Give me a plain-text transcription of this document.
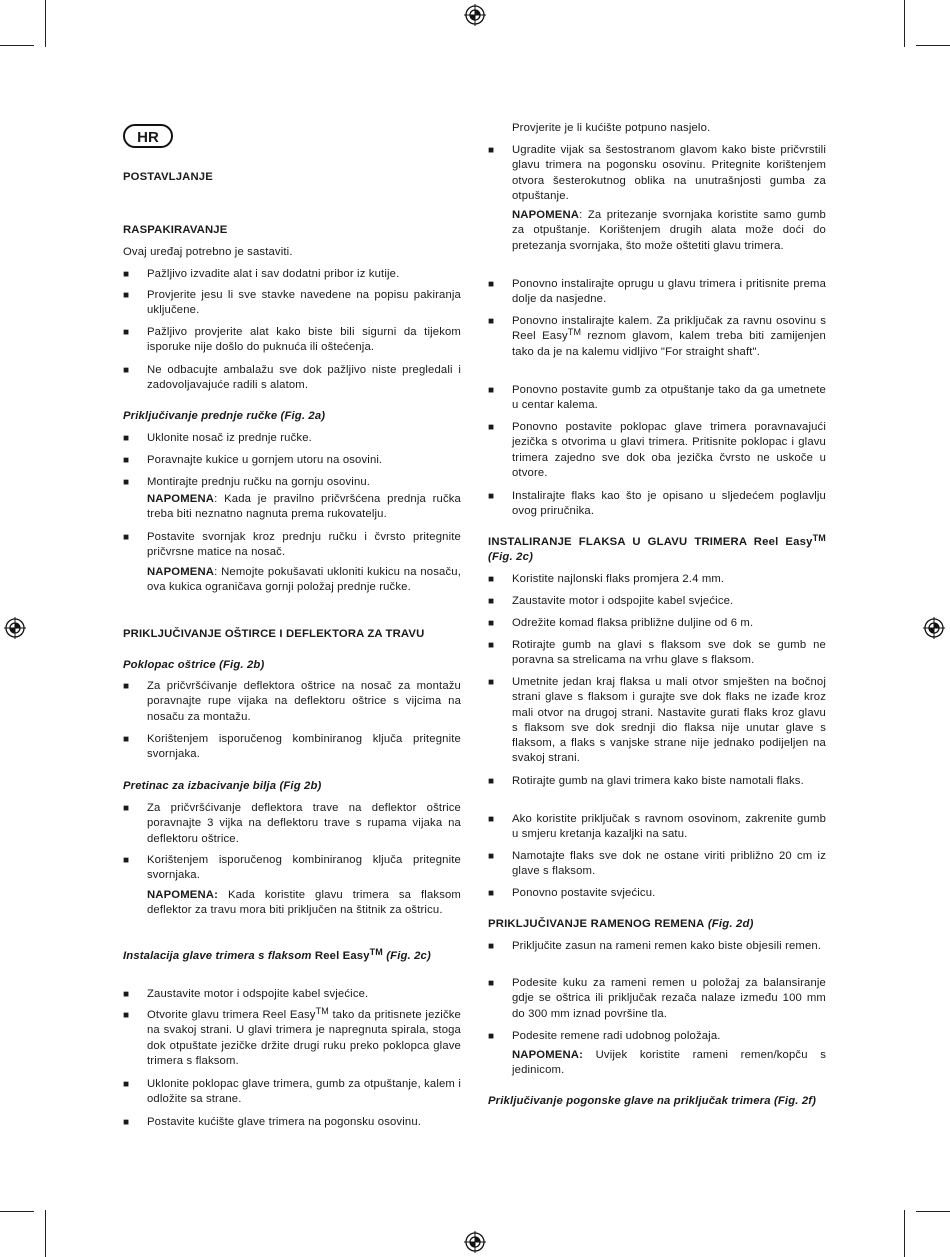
HR
POSTAVLJANJE
RASPAKIRAVANJE
Ovaj uređaj potrebno je sastaviti.
■ Pažljivo izvadite alat i sav dodatni pribor iz kutije.
■ Provjerite jesu li sve stavke navedene na popisu pakiranja uključene.
■ Pažljivo provjerite alat kako biste bili sigurni da tijekom isporuke nije došlo do puknuća ili oštećenja.
■ Ne odbacujte ambalažu sve dok pažljivo niste pregledali i zadovoljavajuće radili s alatom.
Priključivanje prednje ručke (Fig. 2a)
■ Uklonite nosač iz prednje ručke.
■ Poravnajte kukice u gornjem utoru na osovini.
■ Montirajte prednju ručku na gornju osovinu.
NAPOMENA: Kada je pravilno pričvršćena prednja ručka treba biti neznatno nagnuta prema rukovatelju.
■ Postavite svornjak kroz prednju ručku i čvrsto pritegnite pričvrsne matice na nosač.
NAPOMENA: Nemojte pokušavati ukloniti kukicu na nosaču, ova kukica ograničava gornji položaj prednje ručke.
PRIKLJUČIVANJE OŠTIRCE I DEFLEKTORA ZA TRAVU
Poklopac oštrice (Fig. 2b)
■ Za pričvršćivanje deflektora oštrice na nosač za montažu poravnajte rupe vijaka na deflektoru oštrice s vijcima na nosaču za montažu.
■ Korištenjem isporučenog kombiniranog ključa pritegnite svornjaka.
Pretinac za izbacivanje bilja (Fig 2b)
■ Za pričvršćivanje deflektora trave na deflektor oštrice poravnajte 3 vijka na deflektoru trave s rupama vijaka na deflektoru oštrice.
■ Korištenjem isporučenog kombiniranog ključa pritegnite svornjaka.
NAPOMENA: Kada koristite glavu trimera sa flaksom deflektor za travu mora biti priključen na štitnik za oštricu.
Instalacija glave trimera s flaksom Reel Easy™ (Fig. 2c)
■ Zaustavite motor i odspojite kabel svjećice.
■ Otvorite glavu trimera Reel Easy™ tako da pritisnete jezičke na svakoj strani. U glavi trimera je napregnuta spirala, stoga dok otpuštate jezičke držite drugi ruku preko poklopca glave trimera s flaksom.
■ Uklonite poklopac glave trimera, gumb za otpuštanje, kalem i odložite sa strane.
■ Postavite kućište glave trimera na pogonsku osovinu.
Provjerite je li kućište potpuno nasjelo.
■ Ugradite vijak sa šestostranom glavom kako biste pričvrstili glavu trimera na pogonsku osovinu. Pritegnite korištenjem otvora šesterokutnog oblika na unutrašnjosti gumba za otpuštanje.
NAPOMENA: Za pritezanje svornjaka koristite samo gumb za otpuštanje. Korištenjem drugih alata može doći do pretezanja svornjaka, što može oštetiti glavu trimera.
■ Ponovno instalirajte oprugu u glavu trimera i pritisnite prema dolje da nasjedne.
■ Ponovno instalirajte kalem. Za priključak za ravnu osovinu s Reel Easy™ reznom glavom, kalem treba biti zamijenjen tako da je na kalemu vidljivo "For straight shaft".
■ Ponovno postavite gumb za otpuštanje tako da ga umetnete u centar kalema.
■ Ponovno postavite poklopac glave trimera poravnavajući jezička s otvorima u glavi trimera. Pritisnite poklopac i glavu trimera zajedno sve dok oba jezička čvrsto ne uskoče u otvore.
■ Instalirajte flaks kao što je opisano u sljedećem poglavlju ovog priručnika.
INSTALIRANJE FLAKSA U GLAVU TRIMERA Reel Easy™ (Fig. 2c)
■ Koristite najlonski flaks promjera 2.4 mm.
■ Zaustavite motor i odspojite kabel svjećice.
■ Odrežite komad flaksa približne duljine od 6 m.
■ Rotirajte gumb na glavi s flaksom sve dok se gumb ne poravna sa strelicama na vrhu glave s flaksom.
■ Umetnite jedan kraj flaksa u mali otvor smješten na bočnoj strani glave s flaksom i gurajte sve dok flaks ne izađe kroz mali otvor na drugoj strani. Nastavite gurati flaks kroz glavu s flaksom sve dok srednji dio flaksa nije unutar glave s flaksom, a flaks s vanjske strane nije jednako podijeljen na svakoj strani.
■ Rotirajte gumb na glavi trimera kako biste namotali flaks.
■ Ako koristite priključak s ravnom osovinom, zakrenite gumb u smjeru kretanja kazaljki na satu.
■ Namotajte flaks sve dok ne ostane viriti približno 20 cm iz glave s flaksom.
■ Ponovno postavite svjećicu.
PRIKLJUČIVANJE RAMENOG REMENA (Fig. 2d)
■ Priključite zasun na rameni remen kako biste objesili remen.
■ Podesite kuku za rameni remen u položaj za balansiranje gdje se oštrica ili priključak rezača nalaze između 100 mm do 300 mm iznad površine tla.
■ Podesite remene radi udobnog položaja.
NAPOMENA: Uvijek koristite rameni remen/kopču s jedinicom.
Priključivanje pogonske glave na priključak trimera (Fig. 2f)
